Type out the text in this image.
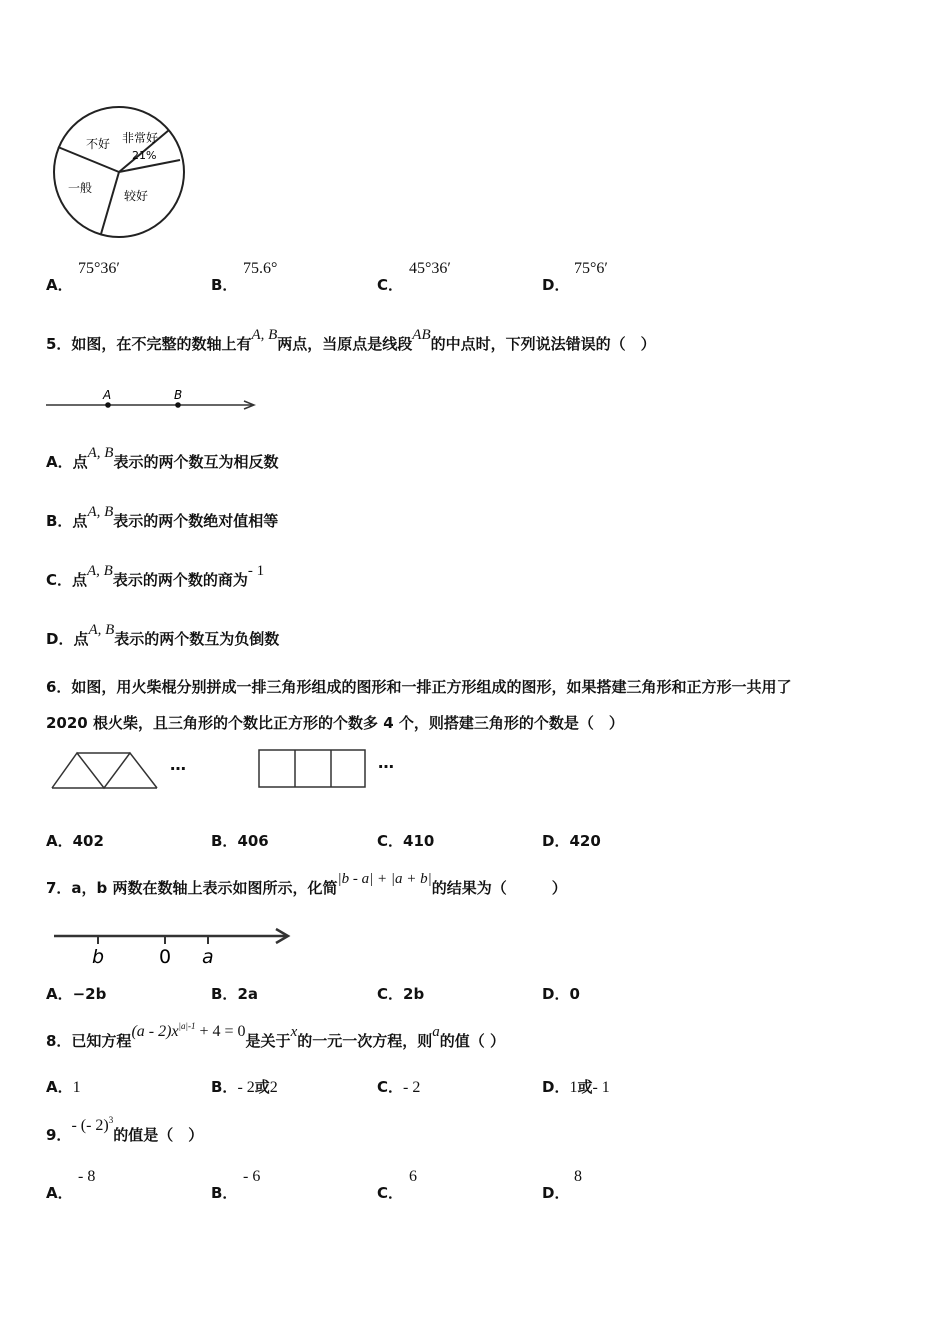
不好 非常好
21%
较好
一般
A．
75°36′
B．
75.6°
C．
45°36′
D．
75°6′
5．如图，在不完整的数轴上有A, B两点，当原点是线段AB的中点时，下列说法错误的（　）
A	B
A．点A, B表示的两个数互为相反数
B．点A, B表示的两个数绝对值相等
C．点A, B表示的两个数的商为- 1
D．点A, B表示的两个数互为负倒数
6．如图，用火柴棍分别拼成一排三角形组成的图形和一排正方形组成的图形，如果搭建三角形和正方形一共用了
2020 根火柴，且三角形的个数比正方形的个数多 4 个，则搭建三角形的个数是（　）
…	…
A．402	B．406	C．410	D．420
7．a，b 两数在数轴上表示如图所示，化简|b - a| + |a + b|的结果为（　　　）
b	0 a
A．−2b	B．2a	C．2b	D．0
8．已知方程$(a - 2)x^{|a|-1} + 4 = 0$是关于x的一元一次方程，则a的值（ ）
A．1	B．- 2或2	C．- 2	D．1或- 1
9．- (- 2)$^3$的值是（　）
A．
- 8
B．
- 6
C．
6
D．
8
